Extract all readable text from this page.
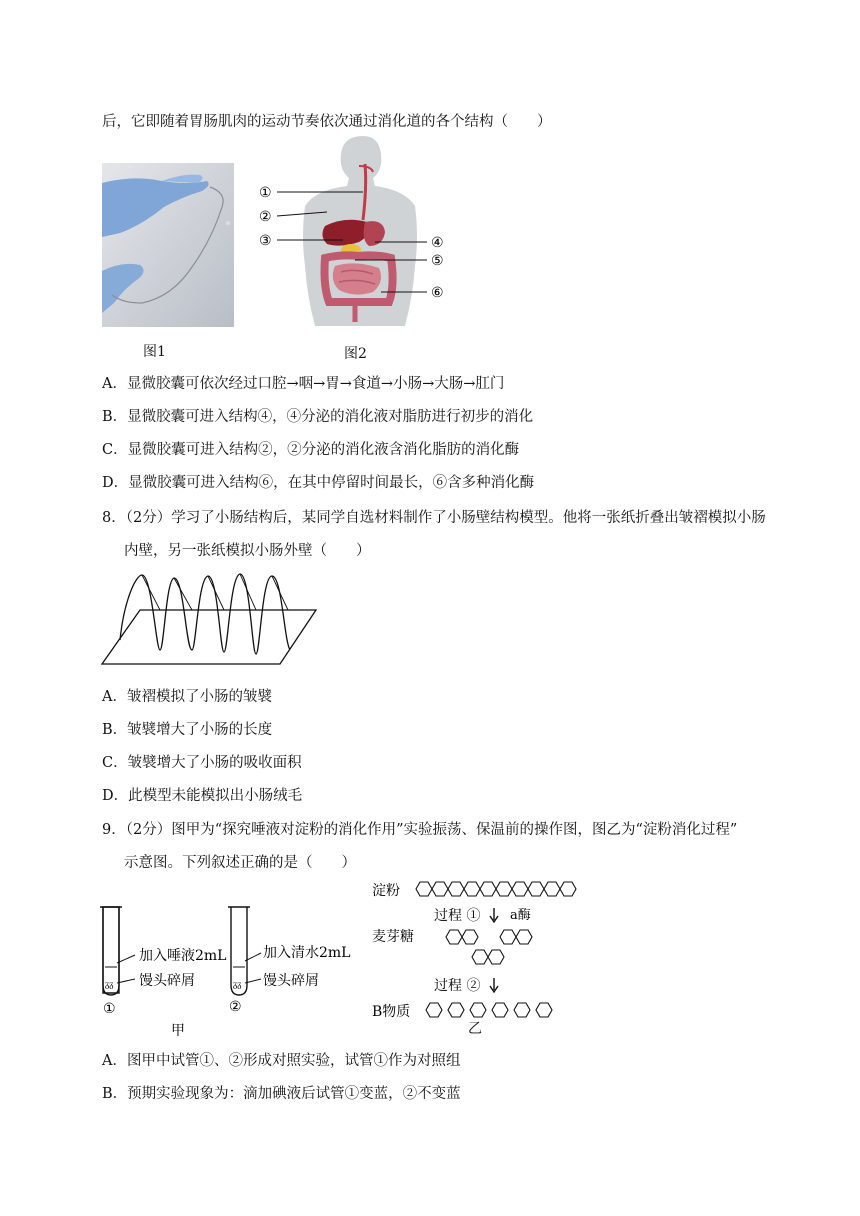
后，它即随着胃肠肌肉的运动节奏依次通过消化道的各个结构（　　）
图1
①
②
③	④
⑤
⑥
图2
A．显微胶囊可依次经过口腔→咽→胃→食道→小肠→大肠→肛门
B．显微胶囊可进入结构④，④分泌的消化液对脂肪进行初步的消化
C．显微胶囊可进入结构②，②分泌的消化液含消化脂肪的消化酶
D．显微胶囊可进入结构⑥，在其中停留时间最长，⑥含多种消化酶
8．（2分）学习了小肠结构后，某同学自选材料制作了小肠壁结构模型。他将一张纸折叠出皱褶模拟小肠
内壁，另一张纸模拟小肠外壁（　　）
A．皱褶模拟了小肠的皱襞
B．皱襞增大了小肠的长度
C．皱襞增大了小肠的吸收面积
D．此模型未能模拟出小肠绒毛
9．（2分）图甲为“探究唾液对淀粉的消化作用”实验振荡、保温前的操作图，图乙为“淀粉消化过程”
示意图。下列叙述正确的是（　　）
ᵹᵹ
加入唾液2mL
馒头碎屑
①
ᵹᵹ
加入清水2mL
馒头碎屑
②
甲
淀粉
过程 ① a酶
麦芽糖
过程 ②
B物质
乙
A．图甲中试管①、②形成对照实验，试管①作为对照组
B．预期实验现象为：滴加碘液后试管①变蓝，②不变蓝
